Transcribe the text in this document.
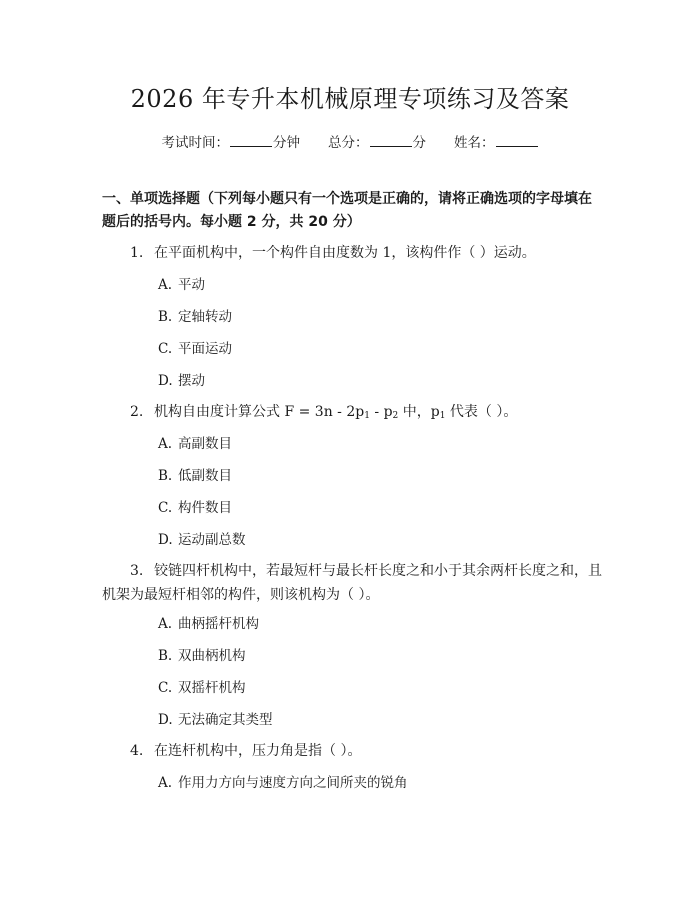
2026 年专升本机械原理专项练习及答案
考试时间：	分钟 总分：	分 姓名：
一、单项选择题（下列每小题只有一个选项是正确的，请将正确选项的字母填在题后的括号内。每小题 2 分，共 20 分）
1. 在平面机构中，一个构件自由度数为 1，该构件作（ ）运动。
A. 平动
B. 定轴转动
C. 平面运动
D. 摆动
2. 机构自由度计算公式 $F = 3n - 2p_1 - p_2$ 中，$p_1$ 代表（ ）。
A. 高副数目
B. 低副数目
C. 构件数目
D. 运动副总数
3. 铰链四杆机构中，若最短杆与最长杆长度之和小于其余两杆长度之和，且机架为最短杆相邻的构件，则该机构为（ ）。
A. 曲柄摇杆机构
B. 双曲柄机构
C. 双摇杆机构
D. 无法确定其类型
4. 在连杆机构中，压力角是指（ ）。
A. 作用力方向与速度方向之间所夹的锐角
